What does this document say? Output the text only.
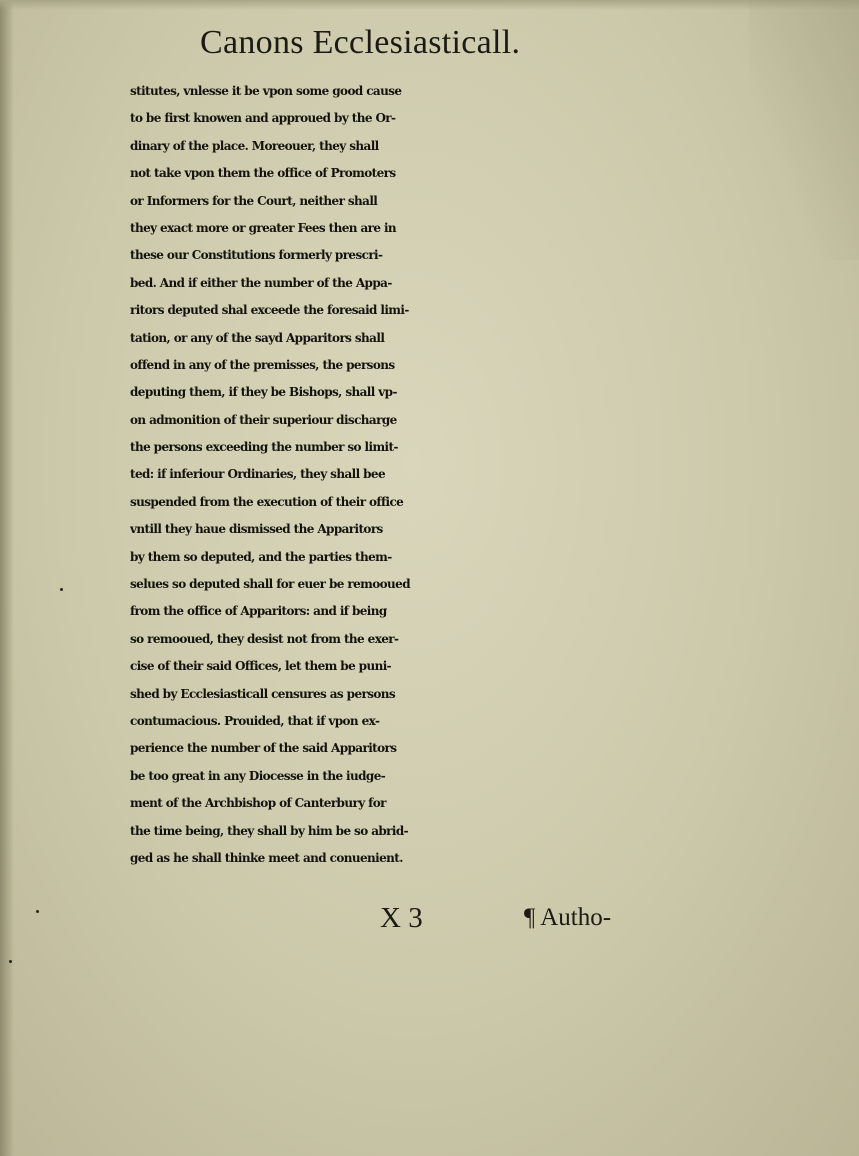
Canons Ecclesiasticall.
stitutes, vnlesse it be vpon some good cause
to be first knowen and approued by the Or-
dinary of the place. Moreouer, they shall
not take vpon them the office of Promoters
or Informers for the Court, neither shall
they exact more or greater Fees then are in
these our Constitutions formerly prescri-
bed. And if either the number of the Appa-
ritors deputed shal exceede the foresaid limi-
tation, or any of the sayd Apparitors shall
offend in any of the premisses, the persons
deputing them, if they be Bishops, shall vp-
on admonition of their superiour discharge
the persons exceeding the number so limit-
ted: if inferiour Ordinaries, they shall bee
suspended from the execution of their office
vntill they haue dismissed the Apparitors
by them so deputed, and the parties them-
selues so deputed shall for euer be remooued
from the office of Apparitors: and if being
so remooued, they desist not from the exer-
cise of their said Offices, let them be puni-
shed by Ecclesiasticall censures as persons
contumacious. Prouided, that if vpon ex-
perience the number of the said Apparitors
be too great in any Diocesse in the iudge-
ment of the Archbishop of Canterbury for
the time being, they shall by him be so abrid-
ged as he shall thinke meet and conuenient.
X 3	¶ Autho-
